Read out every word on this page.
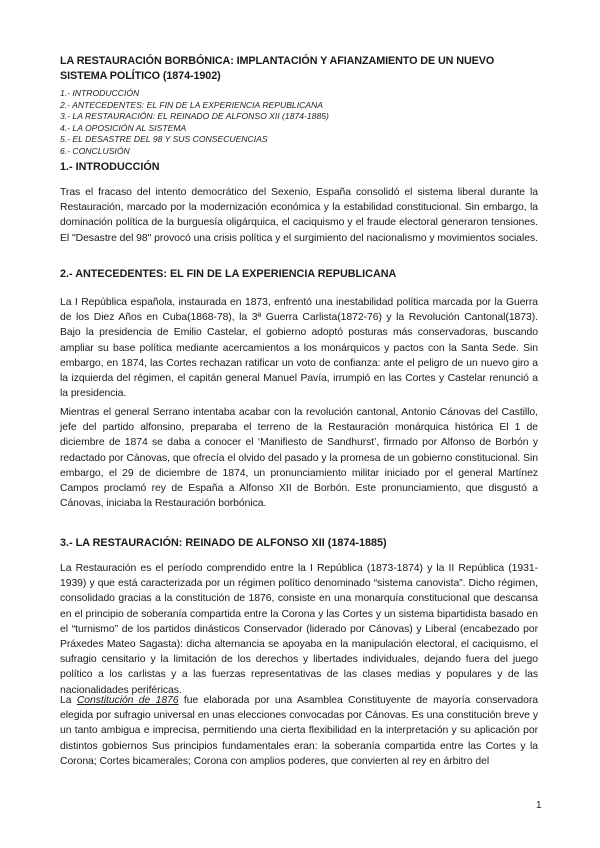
LA RESTAURACIÓN BORBÓNICA: IMPLANTACIÓN Y AFIANZAMIENTO DE UN NUEVO SISTEMA POLÍTICO (1874-1902)
1.- INTRODUCCIÓN
2.- ANTECEDENTES: EL FIN DE LA EXPERIENCIA REPUBLICANA
3.- LA RESTAURACIÓN: EL REINADO DE ALFONSO XII (1874-1885)
4.- LA OPOSICIÓN AL SISTEMA
5.- EL DESASTRE DEL 98 Y SUS CONSECUENCIAS
6.- CONCLUSIÓN
1.- INTRODUCCIÓN

Tras el fracaso del intento democrático del Sexenio, España consolidó el sistema liberal durante la Restauración, marcado por la modernización económica y la estabilidad constitucional. Sin embargo, la dominación política de la burguesía oligárquica, el caciquismo y el fraude electoral generaron tensiones. El "Desastre del 98" provocó una crisis política y el surgimiento del nacionalismo y movimientos sociales.

2.- ANTECEDENTES: EL FIN DE LA EXPERIENCIA REPUBLICANA

La I República española, instaurada en 1873, enfrentó una inestabilidad política marcada por la Guerra de los Diez Años en Cuba(1868-78), la 3ª Guerra Carlista(1872-76) y la Revolución Cantonal(1873). Bajo la presidencia de Emilio Castelar, el gobierno adoptó posturas más conservadoras, buscando ampliar su base política mediante acercamientos a los monárquicos y pactos con la Santa Sede. Sin embargo, en 1874, las Cortes rechazan ratificar un voto de confianza: ante el peligro de un nuevo giro a la izquierda del régimen, el capitán general Manuel Pavía, irrumpió en las Cortes y Castelar renunció a la presidencia.

Mientras el general Serrano intentaba acabar con la revolución cantonal, Antonio Cánovas del Castillo, jefe del partido alfonsino, preparaba el terreno de la Restauración monárquica histórica El 1 de diciembre de 1874 se daba a conocer el ‘Manifiesto de Sandhurst’, firmado por Alfonso de Borbón y redactado por Cánovas, que ofrecía el olvido del pasado y la promesa de un gobierno constitucional. Sin embargo, el 29 de diciembre de 1874, un pronunciamiento militar iniciado por el general Martínez Campos proclamó rey de España a Alfonso XII de Borbón. Este pronunciamiento, que disgustó a Cánovas, iniciaba la Restauración borbónica.

3.- LA RESTAURACIÓN: REINADO DE ALFONSO XII (1874-1885)

La Restauración es el período comprendido entre la I República (1873-1874) y la II República (1931-1939) y que está caracterizada por un régimen político denominado “sistema canovista”. Dicho régimen, consolidado gracias a la constitución de 1876, consiste en una monarquía constitucional que descansa en el principio de soberanía compartida entre la Corona y las Cortes y un sistema bipartidista basado en el “turnismo” de los partidos dinásticos Conservador (liderado por Cánovas) y Liberal (encabezado por Práxedes Mateo Sagasta): dicha alternancia se apoyaba en la manipulación electoral, el caciquismo, el sufragio censitario y la limitación de los derechos y libertades individuales, dejando fuera del juego político a los carlistas y a las fuerzas representativas de las clases medias y populares y de las nacionalidades periféricas.

La Constitución de 1876 fue elaborada por una Asamblea Constituyente de mayoría conservadora elegida por sufragio universal en unas elecciones convocadas por Cánovas. Es una constitución breve y un tanto ambigua e imprecisa, permitiendo una cierta flexibilidad en la interpretación y su aplicación por distintos gobiernos Sus principios fundamentales eran: la soberanía compartida entre las Cortes y la Corona; Cortes bicamerales; Corona con amplios poderes, que convierten al rey en árbitro del

1
